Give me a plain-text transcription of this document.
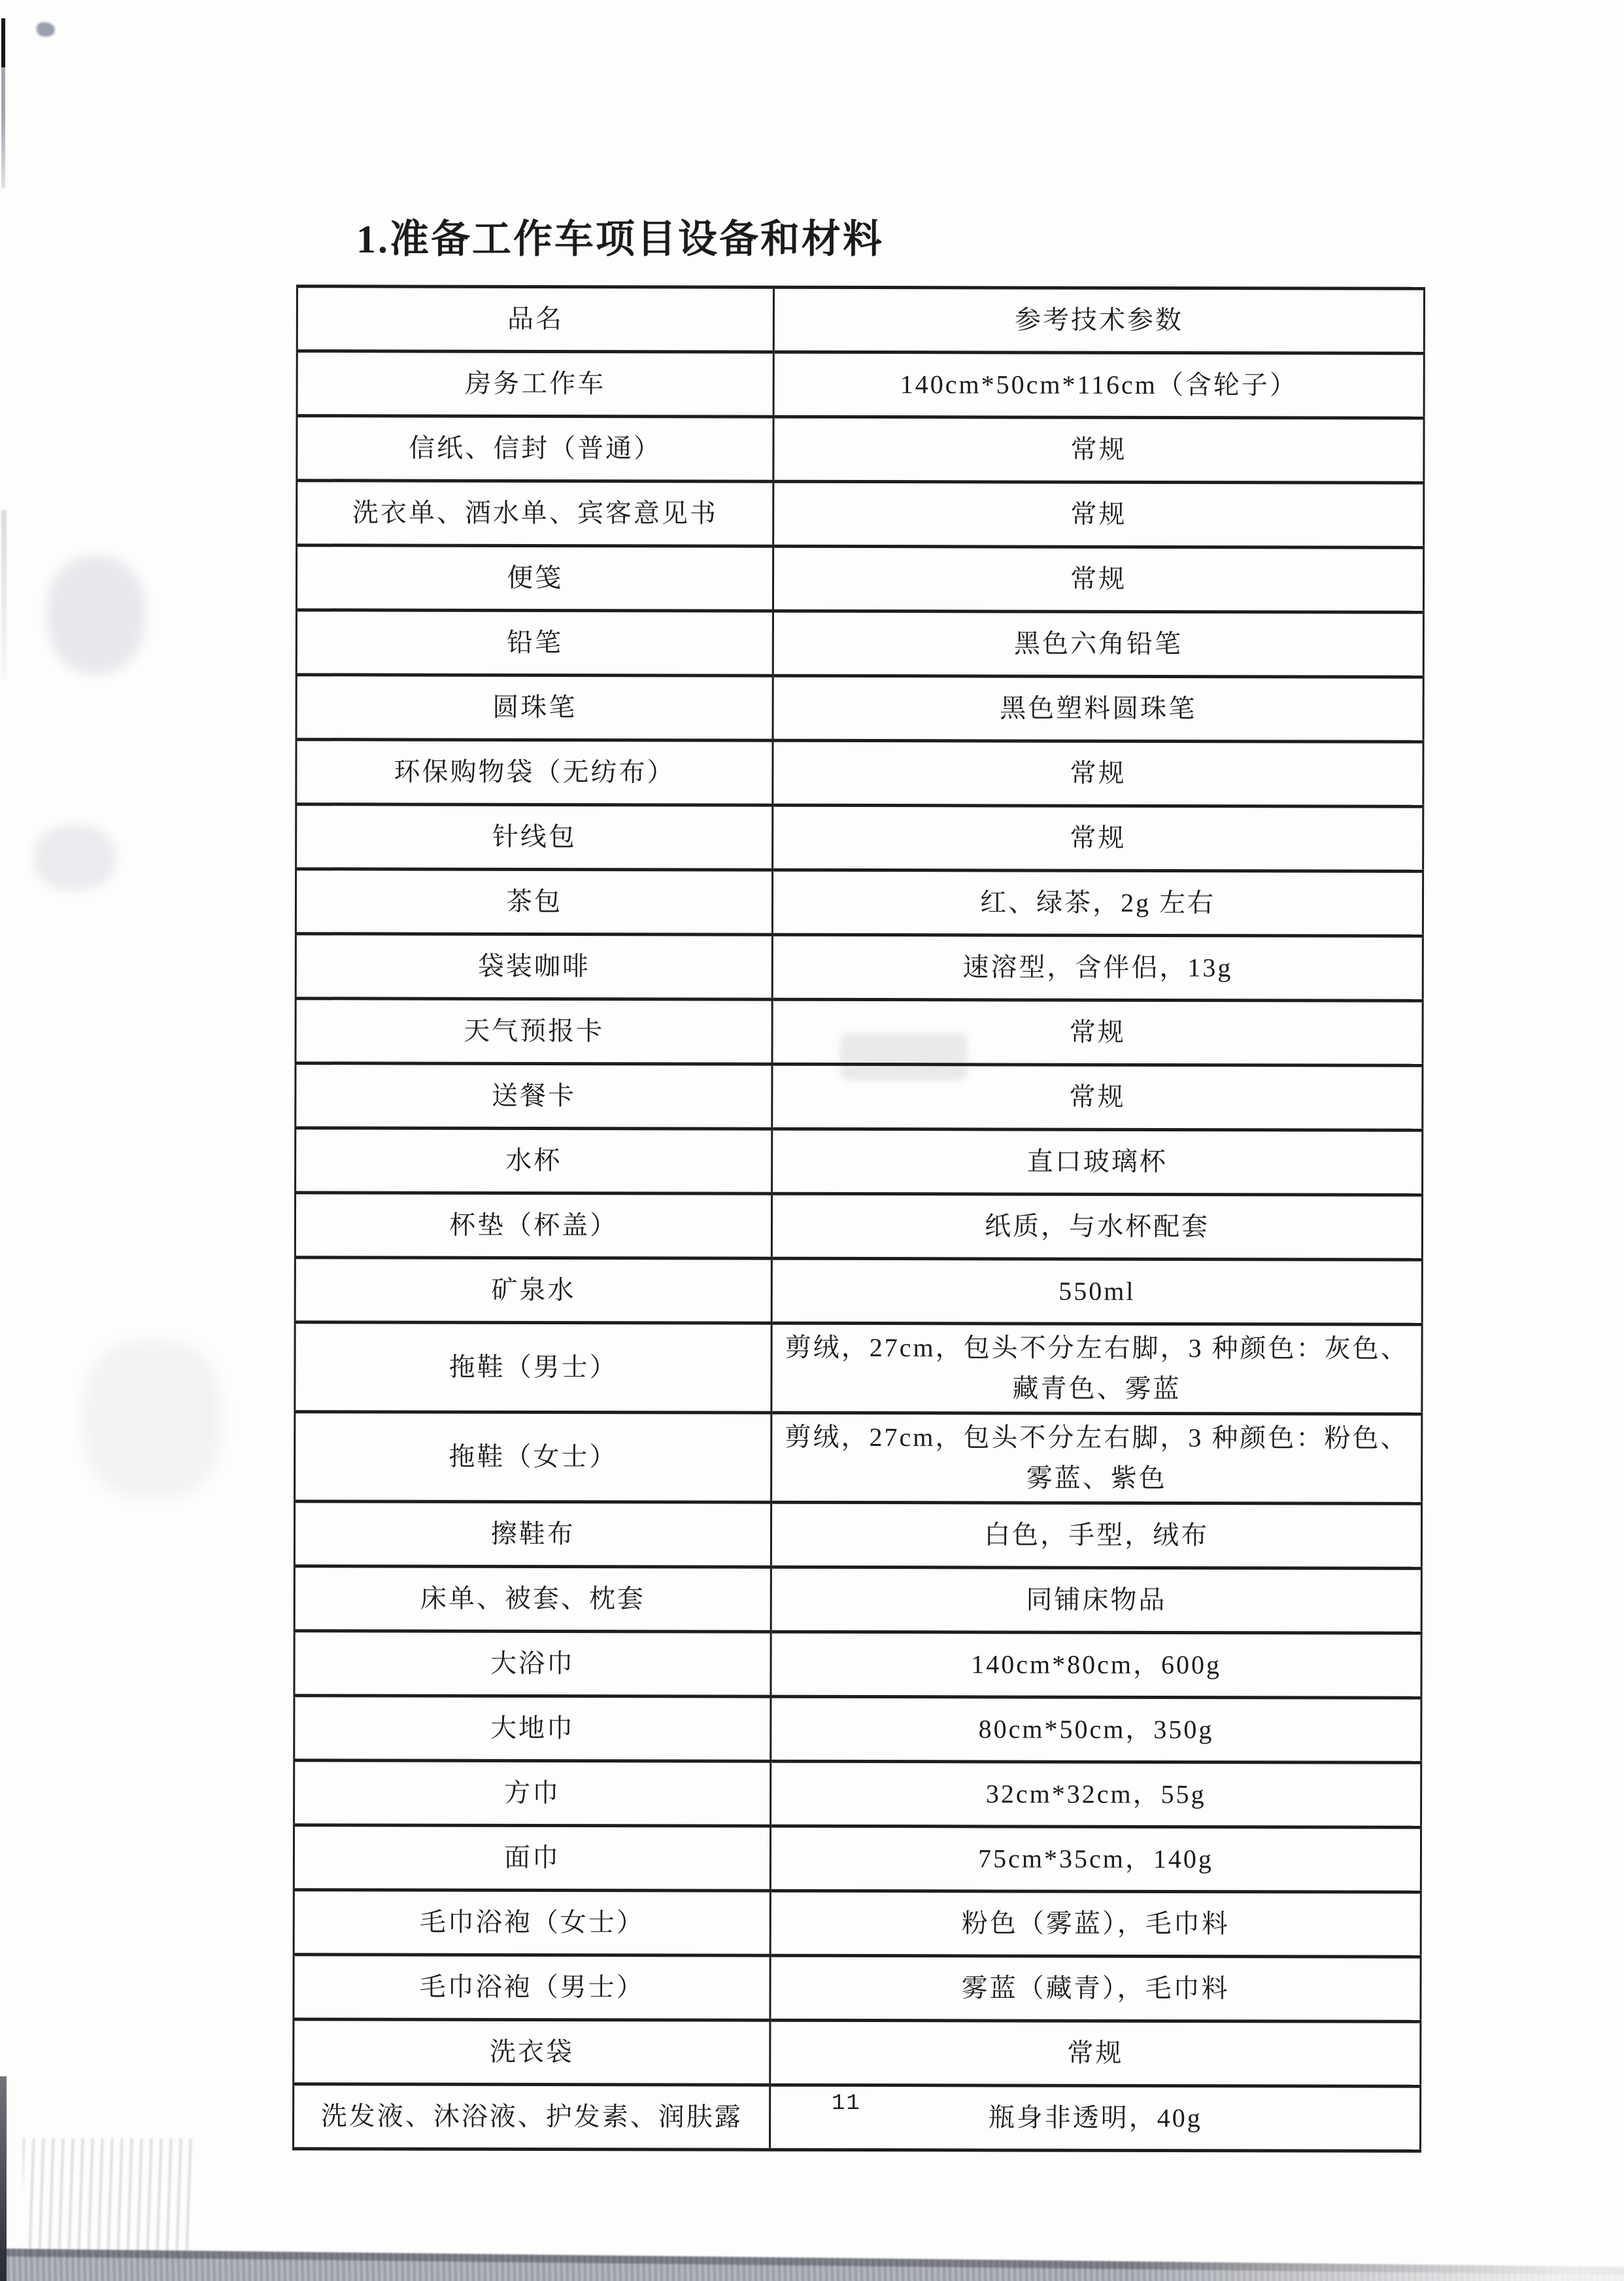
1.准备工作车项目设备和材料
品名	参考技术参数
房务工作车	140cm*50cm*116cm（含轮子）
信纸、信封（普通）	常规
洗衣单、酒水单、宾客意见书	常规
便笺	常规
铅笔	黑色六角铅笔
圆珠笔	黑色塑料圆珠笔
环保购物袋（无纺布）	常规
针线包	常规
茶包	红、绿茶，2g 左右
袋装咖啡	速溶型，含伴侣，13g
天气预报卡	常规
送餐卡	常规
水杯	直口玻璃杯
杯垫（杯盖）	纸质，与水杯配套
矿泉水	550ml
拖鞋（男士）	剪绒，27cm，包头不分左右脚，3 种颜色：灰色、藏青色、雾蓝
拖鞋（女士）	剪绒，27cm，包头不分左右脚，3 种颜色：粉色、雾蓝、紫色
擦鞋布	白色，手型，绒布
床单、被套、枕套	同铺床物品
大浴巾	140cm*80cm，600g
大地巾	80cm*50cm，350g
方巾	32cm*32cm，55g
面巾	75cm*35cm，140g
毛巾浴袍（女士）	粉色（雾蓝），毛巾料
毛巾浴袍（男士）	雾蓝（藏青），毛巾料
洗衣袋	常规
洗发液、沐浴液、护发素、润肤露	瓶身非透明，40g
11
